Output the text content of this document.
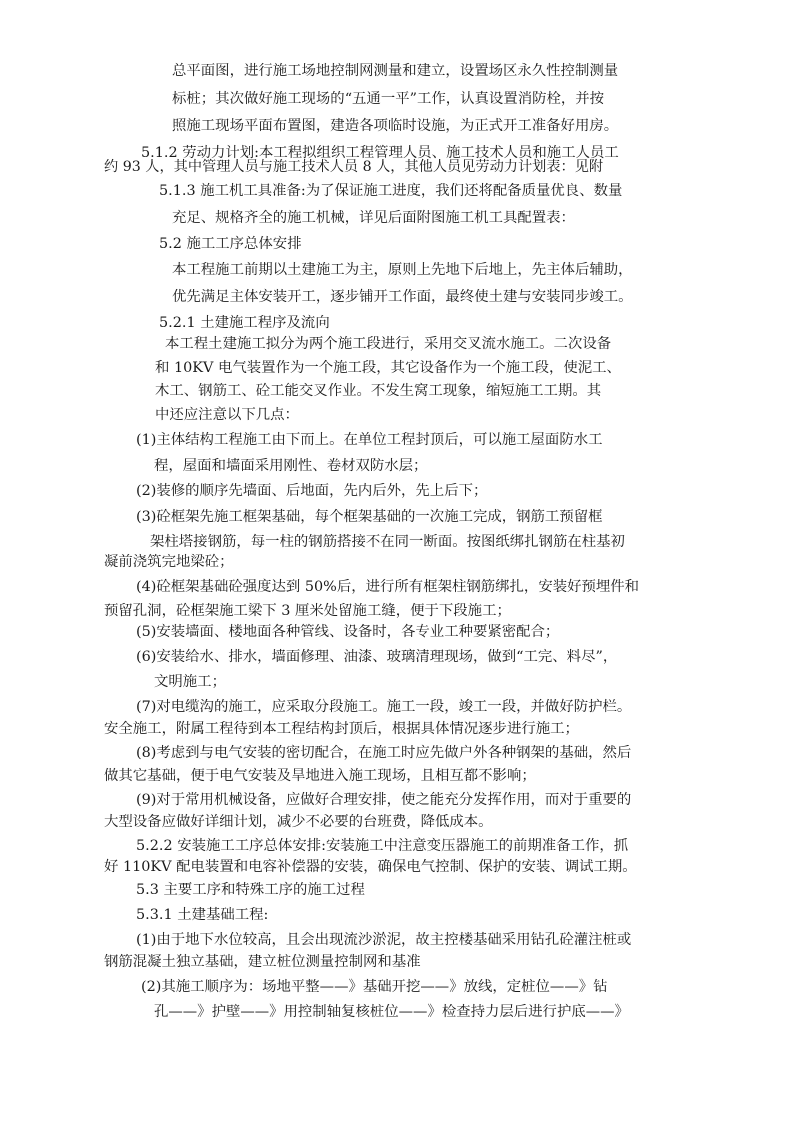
总平面图，进行施工场地控制网测量和建立，设置场区永久性控制测量
标桩；其次做好施工现场的“五通一平”工作，认真设置消防栓，并按
照施工现场平面布置图，建造各项临时设施，为正式开工准备好用房。
5.1.2 劳动力计划:本工程拟组织工程管理人员、施工技术人员和施工人员工
约 93 人，其中管理人员与施工技术人员 8 人，其他人员见劳动力计划表：见附
5.1.3 施工机工具准备:为了保证施工进度，我们还将配备质量优良、数量
充足、规格齐全的施工机械，详见后面附图施工机工具配置表：
5.2 施工工序总体安排
本工程施工前期以土建施工为主，原则上先地下后地上，先主体后辅助，
优先满足主体安装开工，逐步铺开工作面，最终使土建与安装同步竣工。
5.2.1 土建施工程序及流向
本工程土建施工拟分为两个施工段进行，采用交叉流水施工。二次设备
和 10KV 电气装置作为一个施工段，其它设备作为一个施工段，使泥工、
木工、钢筋工、砼工能交叉作业。不发生窝工现象，缩短施工工期。其
中还应注意以下几点：
(1)主体结构工程施工由下而上。在单位工程封顶后，可以施工屋面防水工
程，屋面和墙面采用刚性、卷材双防水层；
(2)装修的顺序先墙面、后地面，先内后外，先上后下；
(3)砼框架先施工框架基础，每个框架基础的一次施工完成，钢筋工预留框
架柱塔接钢筋，每一柱的钢筋搭接不在同一断面。按图纸绑扎钢筋在柱基初
凝前浇筑完地梁砼；
(4)砼框架基础砼强度达到 50%后，进行所有框架柱钢筋绑扎，安装好预埋件和
预留孔洞，砼框架施工梁下 3 厘米处留施工缝，便于下段施工；
(5)安装墙面、楼地面各种管线、设备时，各专业工种要紧密配合；
(6)安装给水、排水，墙面修理、油漆、玻璃清理现场，做到“工完、料尽”，
文明施工；
(7)对电缆沟的施工，应采取分段施工。施工一段，竣工一段，并做好防护栏。
安全施工，附属工程待到本工程结构封顶后，根据具体情况逐步进行施工；
(8)考虑到与电气安装的密切配合，在施工时应先做户外各种钢架的基础，然后
做其它基础，便于电气安装及旱地进入施工现场，且相互都不影响；
(9)对于常用机械设备，应做好合理安排，使之能充分发挥作用，而对于重要的
大型设备应做好详细计划，减少不必要的台班费，降低成本。
5.2.2 安装施工工序总体安排:安装施工中注意变压器施工的前期准备工作，抓
好 110KV 配电装置和电容补偿器的安装，确保电气控制、保护的安装、调试工期。
5.3 主要工序和特殊工序的施工过程
5.3.1 土建基础工程:
(1)由于地下水位较高，且会出现流沙淤泥，故主控楼基础采用钻孔砼灌注桩或
钢筋混凝土独立基础，建立桩位测量控制网和基准
(2)其施工顺序为：场地平整——》基础开挖——》放线，定桩位——》钻
孔——》护壁——》用控制轴复核桩位——》检查持力层后进行护底——》
